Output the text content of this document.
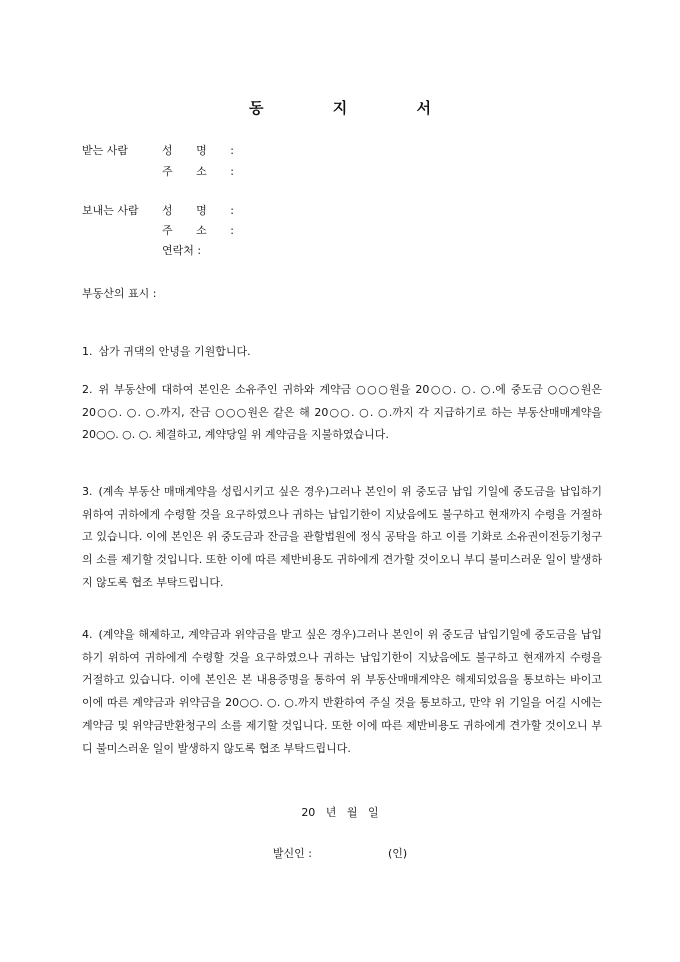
동 지 서
받는 사람	성 명 :
주 소 :
보내는 사람 성 명 :
주 소 :
연락처 :
부동산의 표시 :
1. 삼가 귀댁의 안녕을 기원합니다.
2. 위 부동산에 대하여 본인은 소유주인 귀하와 계약금 ○○○원을 20○○. ○. ○.에 중도금 ○○○원은 20○○. ○. ○.까지, 잔금 ○○○원은 같은 해 20○○. ○. ○.까지 각 지급하기로 하는 부동산매매계약을 20○○. ○. ○. 체결하고, 계약당일 위 계약금을 지불하였습니다.
3. (계속 부동산 매매계약을 성립시키고 싶은 경우)그러나 본인이 위 중도금 납입 기일에 중도금을 납입하기 위하여 귀하에게 수령할 것을 요구하였으나 귀하는 납입기한이 지났음에도 불구하고 현재까지 수령을 거절하고 있습니다. 이에 본인은 위 중도금과 잔금을 관할법원에 정식 공탁을 하고 이를 기화로 소유권이전등기청구의 소를 제기할 것입니다. 또한 이에 따른 제반비용도 귀하에게 견가할 것이오니 부디 불미스러운 일이 발생하지 않도록 협조 부탁드립니다.
4. (계약을 해제하고, 계약금과 위약금을 받고 싶은 경우)그러나 본인이 위 중도금 납입기일에 중도금을 납입하기 위하여 귀하에게 수령할 것을 요구하였으나 귀하는 납입기한이 지났음에도 불구하고 현재까지 수령을 거절하고 있습니다. 이에 본인은 본 내용증명을 통하여 위 부동산매매계약은 해제되었음을 통보하는 바이고 이에 따른 계약금과 위약금을 20○○. ○. ○.까지 반환하여 주실 것을 통보하고, 만약 위 기일을 어길 시에는 계약금 및 위약금반환청구의 소를 제기할 것입니다. 또한 이에 따른 제반비용도 귀하에게 견가할 것이오니 부디 불미스러운 일이 발생하지 않도록 협조 부탁드립니다.
20   년   월   일
발신인 :	(인)
